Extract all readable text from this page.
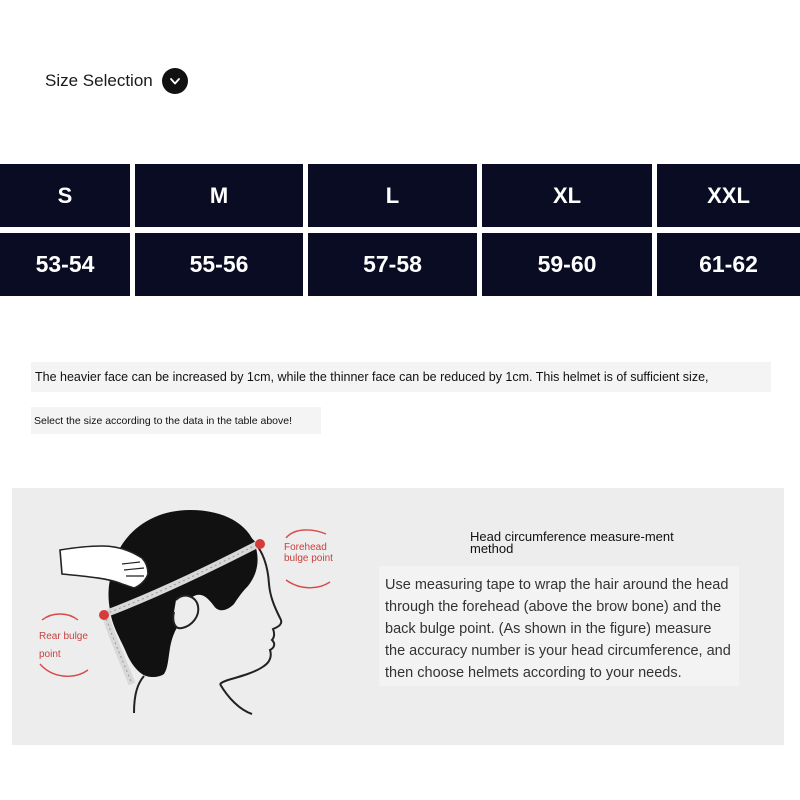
Size Selection
S	M	L	XL	XXL
53-54	55-56	57-58	59-60	61-62
The heavier face can be increased by 1cm, while the thinner face can be reduced by 1cm. This helmet is of sufficient size,
Select the size according to the data in the table above!
Forehead bulge point
Rear bulge point
Head circumference measure-ment method
Use measuring tape to wrap the hair around the head through the forehead (above the brow bone) and the back bulge point. (As shown in the figure) measure the accuracy number is your head circumference, and then choose helmets according to your needs.
